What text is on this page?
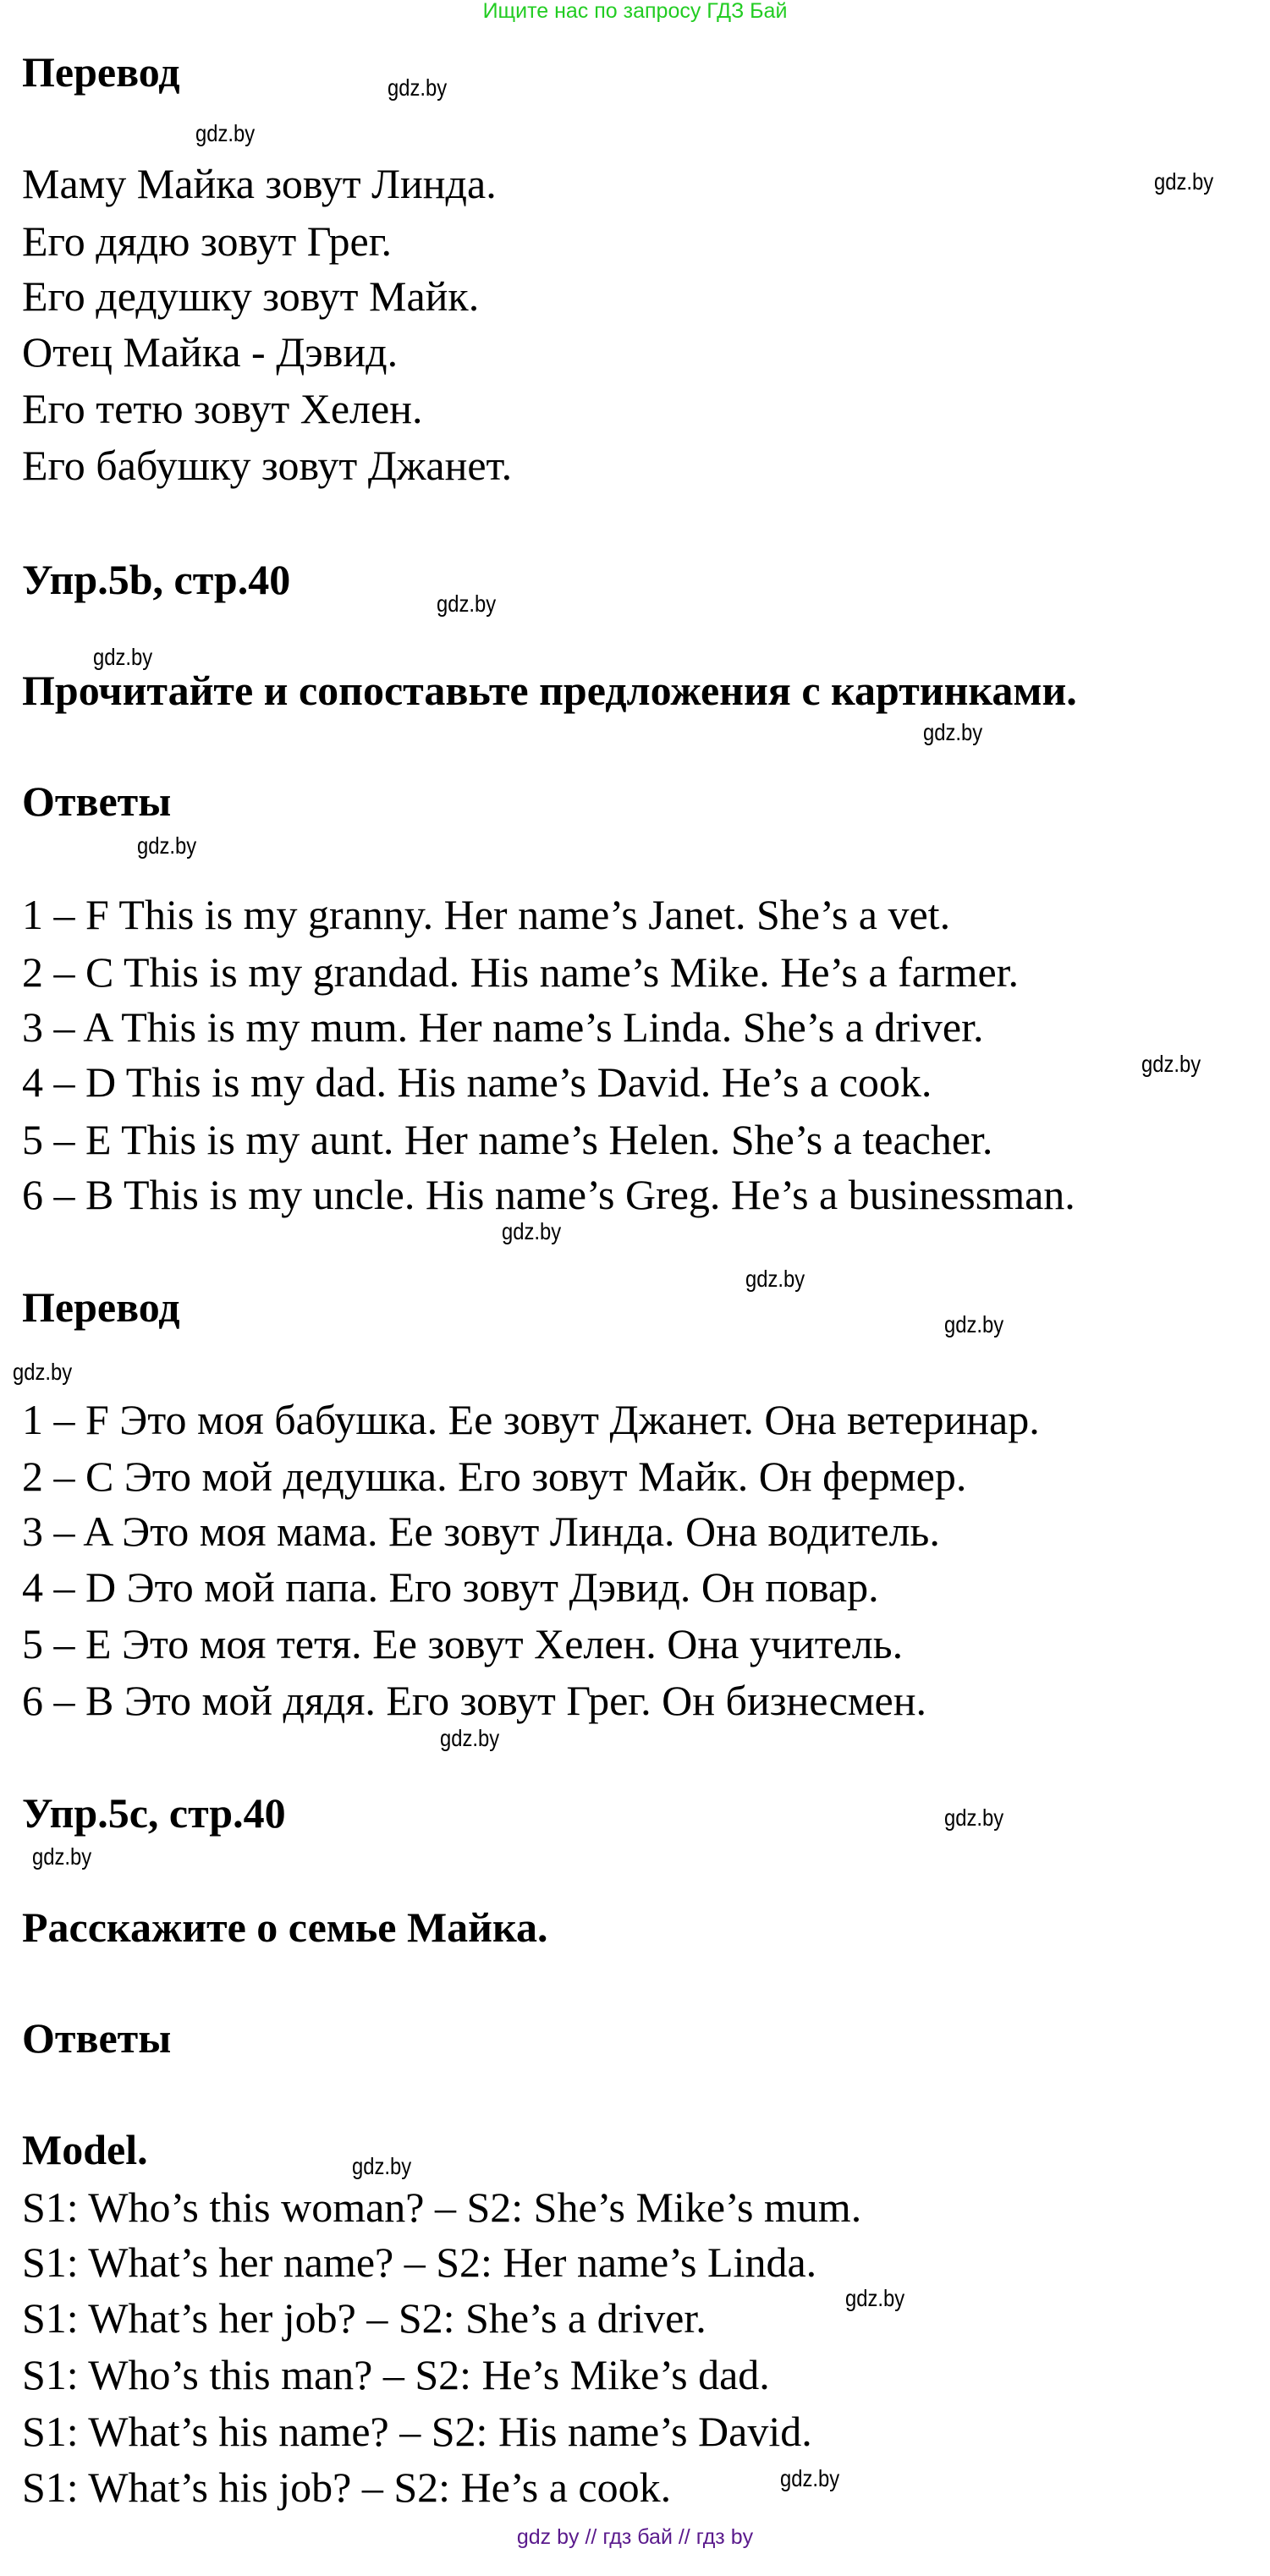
Ищите нас по запросу ГДЗ Бай
Перевод
Маму Майка зовут Линда.
Его дядю зовут Грег.
Его дедушку зовут Майк.
Отец Майка - Дэвид.
Его тетю зовут Хелен.
Его бабушку зовут Джанет.
Упр.5b, стр.40
Прочитайте и сопоставьте предложения с картинками.
Ответы
1 – F This is my granny. Her name’s Janet. She’s a vet.
2 – C This is my grandad. His name’s Mike. He’s a farmer.
3 – A This is my mum. Her name’s Linda. She’s a driver.
4 – D This is my dad. His name’s David. He’s a cook.
5 – E This is my aunt. Her name’s Helen. She’s a teacher.
6 – B This is my uncle. His name’s Greg. He’s a businessman.
Перевод
1 – F Это моя бабушка. Ее зовут Джанет. Она ветеринар.
2 – C Это мой дедушка. Его зовут Майк. Он фермер.
3 – A Это моя мама. Ее зовут Линда. Она водитель.
4 – D Это мой папа. Его зовут Дэвид. Он повар.
5 – E Это моя тетя. Ее зовут Хелен. Она учитель.
6 – B Это мой дядя. Его зовут Грег. Он бизнесмен.
Упр.5c, стр.40
Расскажите о семье Майка.
Ответы
Model.
S1: Who’s this woman? – S2: She’s Mike’s mum.
S1: What’s her name? – S2: Her name’s Linda.
S1: What’s her job? – S2: She’s a driver.
S1: Who’s this man? – S2: He’s Mike’s dad.
S1: What’s his name? – S2: His name’s David.
S1: What’s his job? – S2: He’s a cook.
gdz.by
gdz.by
gdz.by
gdz.by
gdz.by
gdz.by
gdz.by
gdz.by
gdz.by
gdz.by
gdz.by
gdz.by
gdz.by
gdz.by
gdz.by
gdz.by
gdz.by
gdz.by
gdz by // гдз бай // гдз by
